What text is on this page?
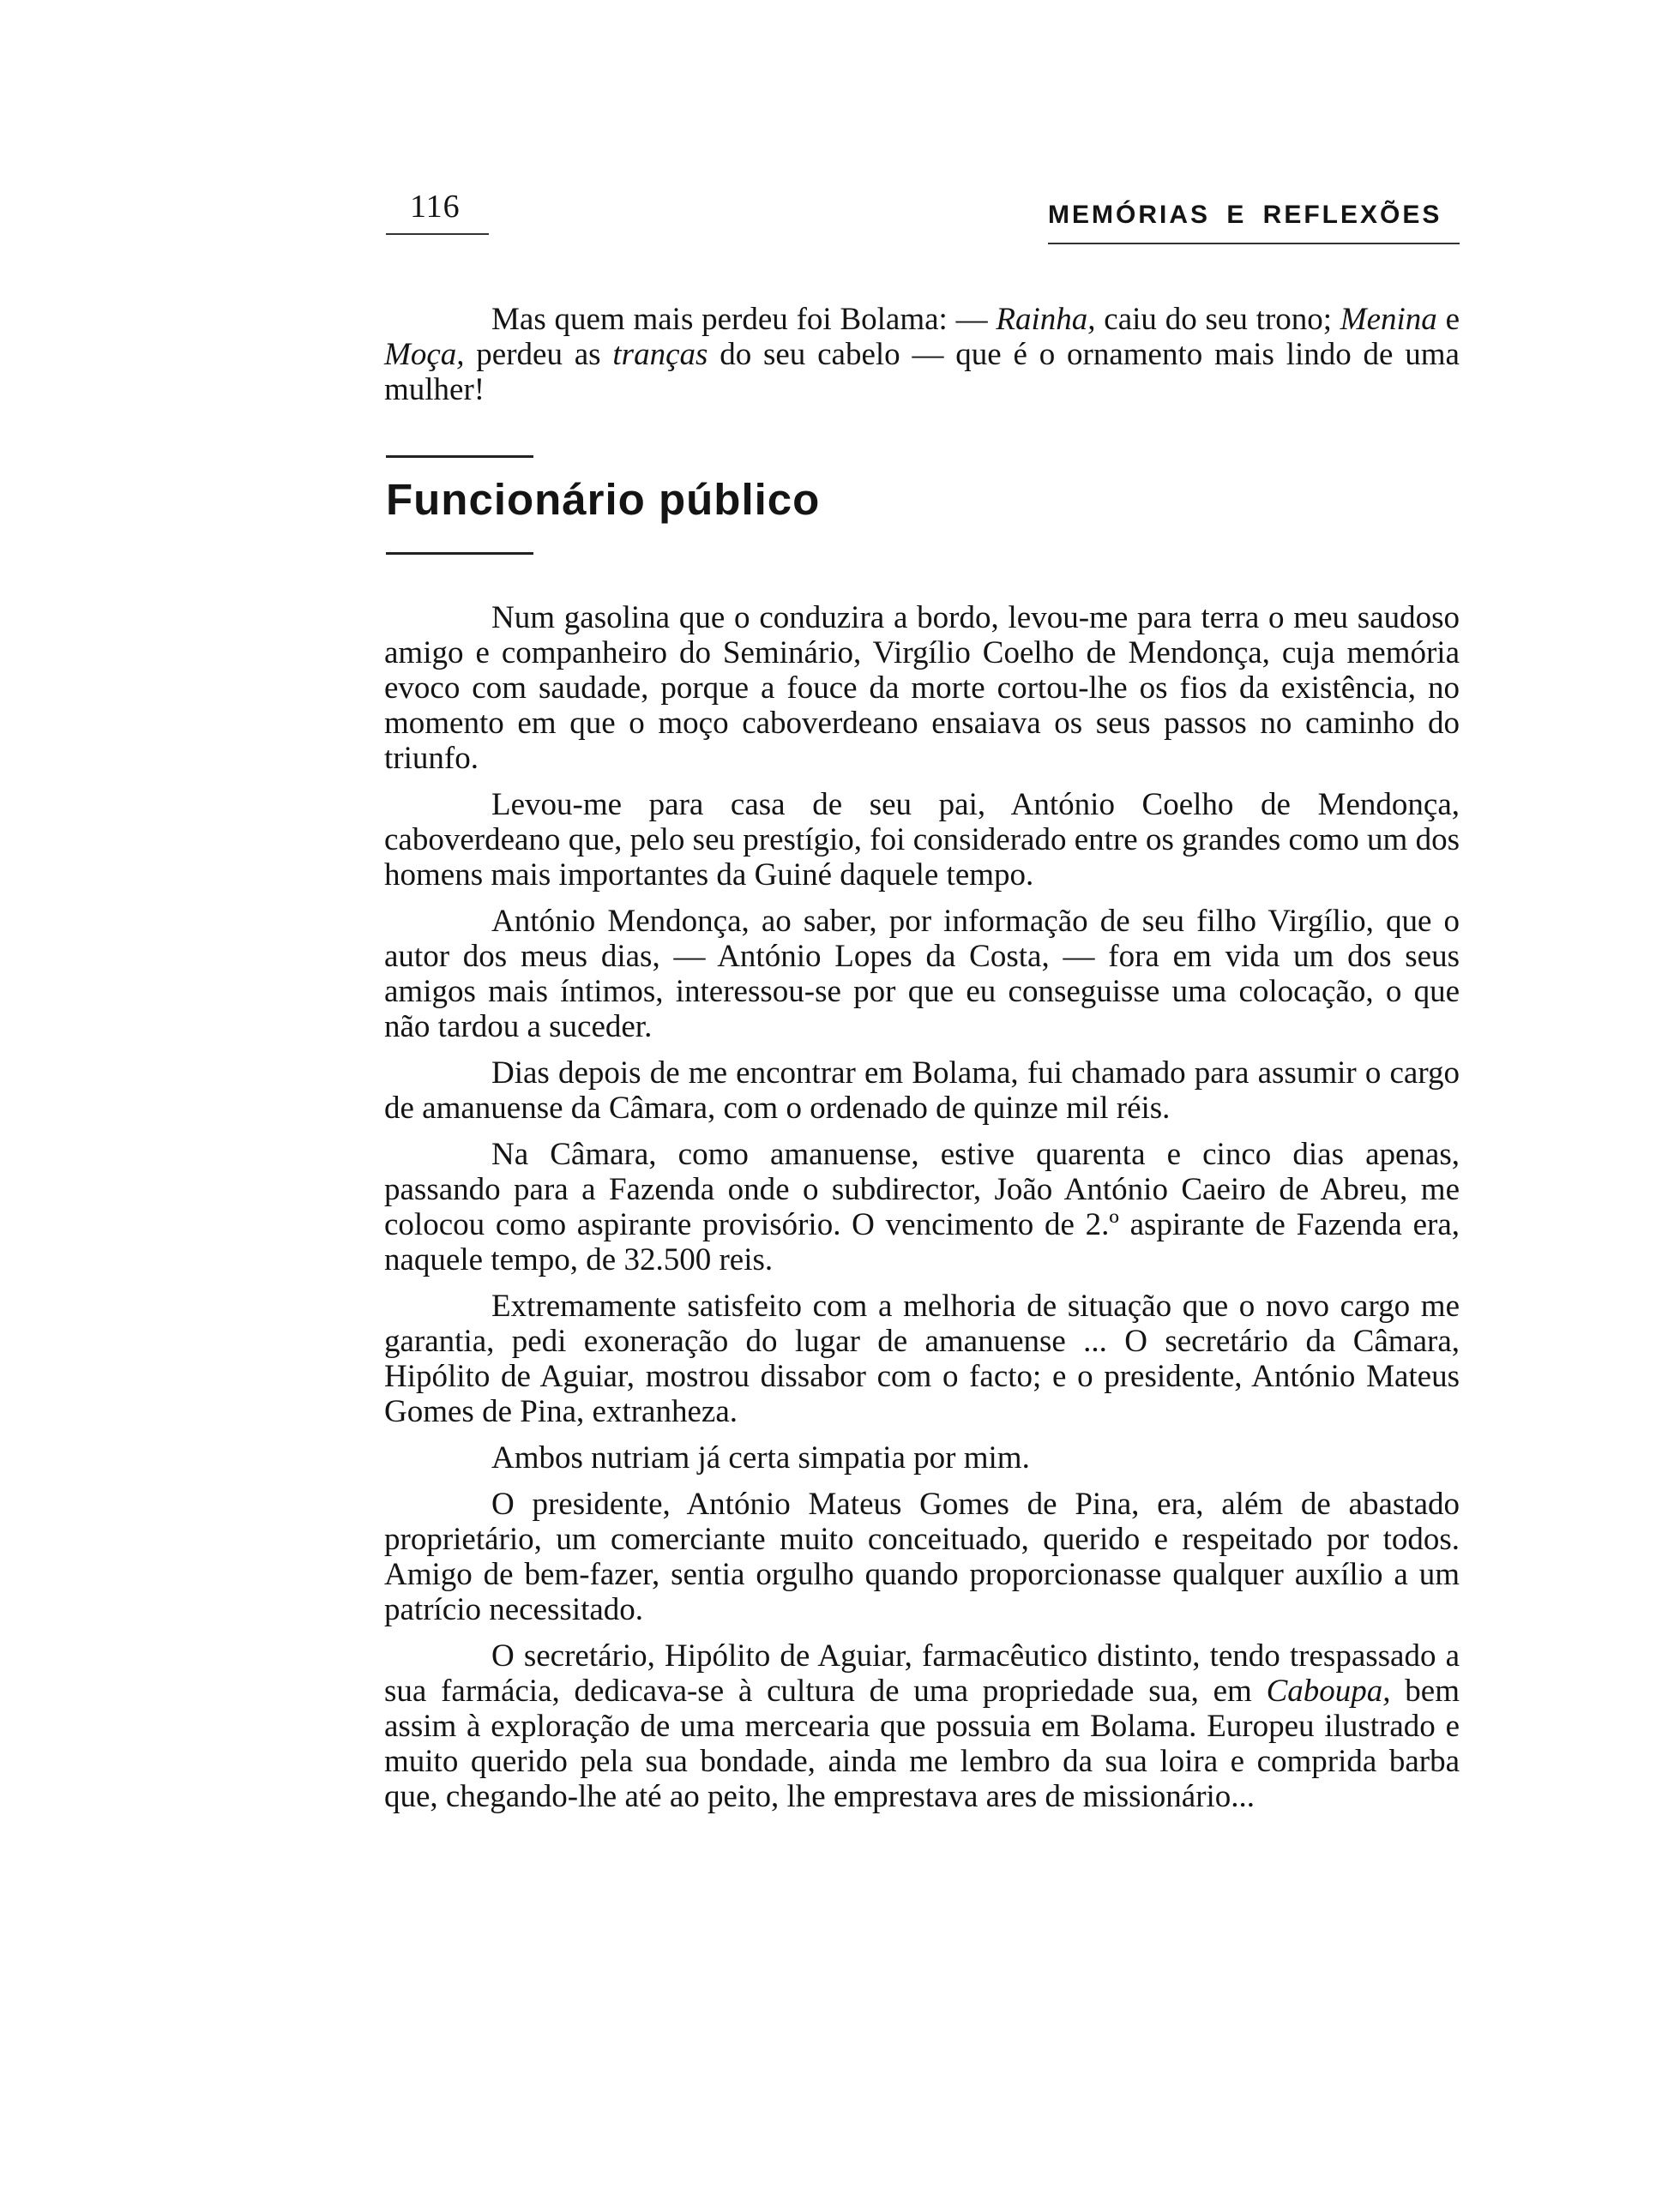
116	MEMÓRIAS E REFLEXÕES

Mas quem mais perdeu foi Bolama: — Rainha, caiu do seu trono; Menina e Moça, perdeu as tranças do seu cabelo — que é o ornamento mais lindo de uma mulher!

Funcionário público

Num gasolina que o conduzira a bordo, levou-me para terra o meu saudoso amigo e companheiro do Seminário, Virgílio Coelho de Mendonça, cuja memória evoco com saudade, porque a fouce da morte cortou-lhe os fios da existência, no momento em que o moço caboverdeano ensaiava os seus passos no caminho do triunfo.

Levou-me para casa de seu pai, António Coelho de Mendonça, caboverdeano que, pelo seu prestígio, foi considerado entre os grandes como um dos homens mais importantes da Guiné daquele tempo.

António Mendonça, ao saber, por informação de seu filho Virgílio, que o autor dos meus dias, — António Lopes da Costa, — fora em vida um dos seus amigos mais íntimos, interessou-se por que eu conseguisse uma colocação, o que não tardou a suceder.

Dias depois de me encontrar em Bolama, fui chamado para assumir o cargo de amanuense da Câmara, com o ordenado de quinze mil réis.

Na Câmara, como amanuense, estive quarenta e cinco dias apenas, passando para a Fazenda onde o subdirector, João António Caeiro de Abreu, me colocou como aspirante provisório. O vencimento de 2.º aspirante de Fazenda era, naquele tempo, de 32.500 reis.

Extremamente satisfeito com a melhoria de situação que o novo cargo me garantia, pedi exoneração do lugar de amanuense ... O secretário da Câmara, Hipólito de Aguiar, mostrou dissabor com o facto; e o presidente, António Mateus Gomes de Pina, extranheza.

Ambos nutriam já certa simpatia por mim.

O presidente, António Mateus Gomes de Pina, era, além de abastado proprietário, um comerciante muito conceituado, querido e respeitado por todos. Amigo de bem-fazer, sentia orgulho quando proporcionasse qualquer auxílio a um patrício necessitado.

O secretário, Hipólito de Aguiar, farmacêutico distinto, tendo trespassado a sua farmácia, dedicava-se à cultura de uma propriedade sua, em Caboupa, bem assim à exploração de uma mercearia que possuia em Bolama. Europeu ilustrado e muito querido pela sua bondade, ainda me lembro da sua loira e comprida barba que, chegando-lhe até ao peito, lhe emprestava ares de missionário...
